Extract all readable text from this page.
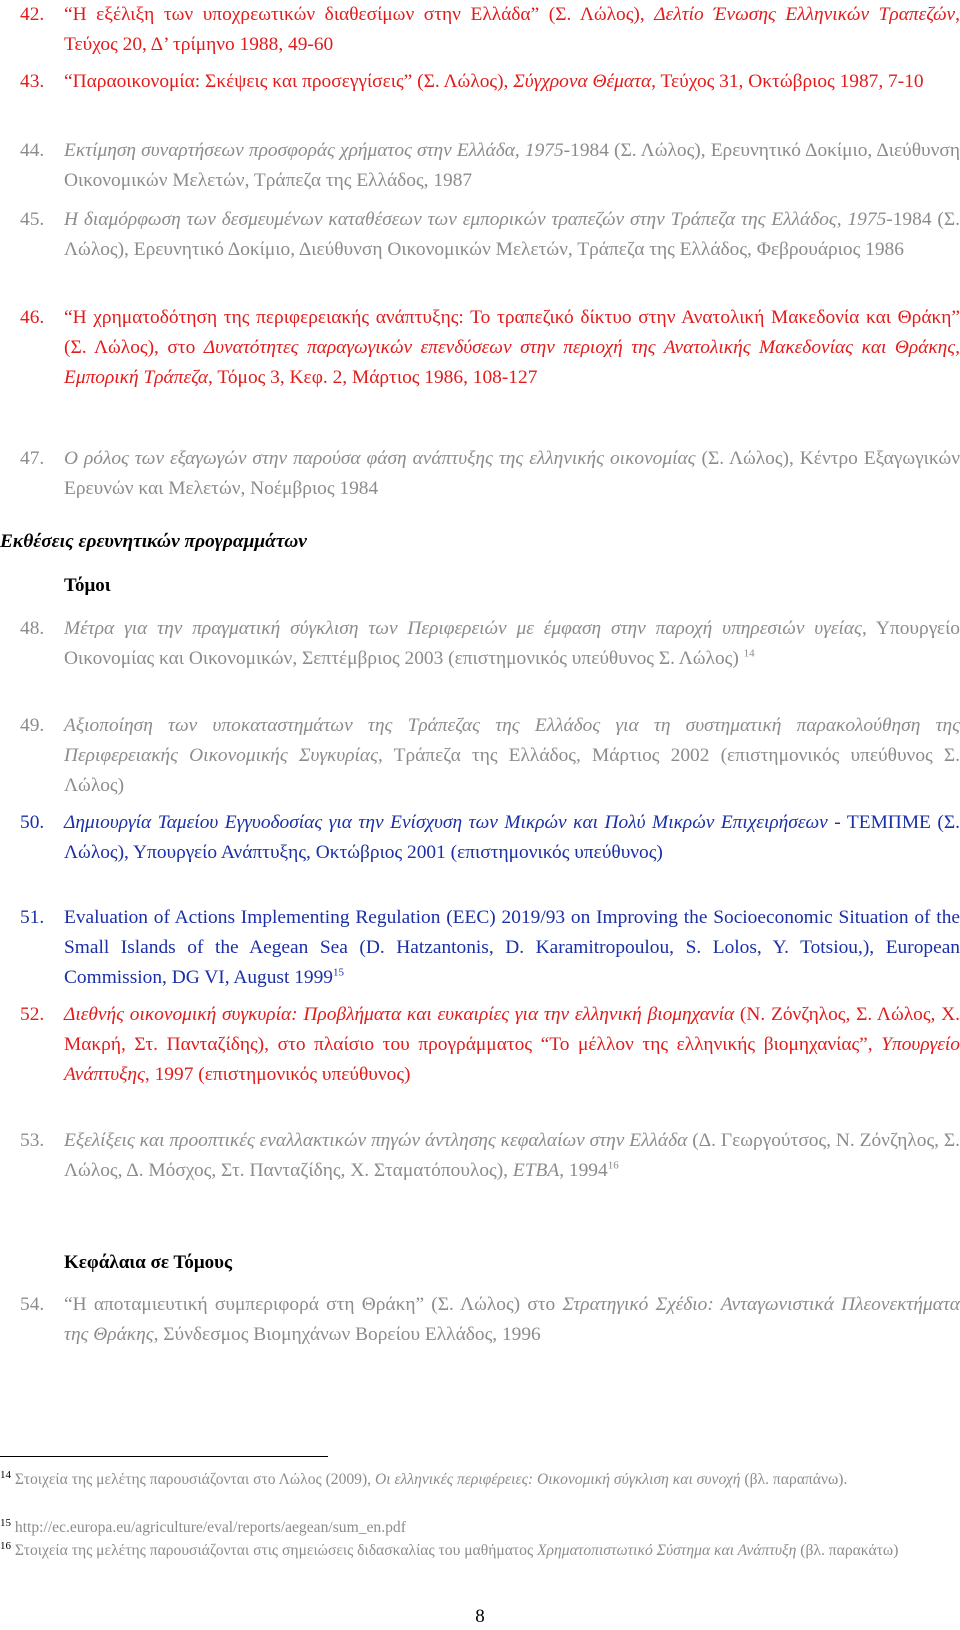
42.	“Η εξέλιξη των υποχρεωτικών διαθεσίμων στην Ελλάδα” (Σ. Λώλος), Δελτίο Ένωσης Ελληνικών Τραπεζών, Τεύχος 20, Δ’ τρίμηνο 1988, 49-60
43.	“Παραοικονομία: Σκέψεις και προσεγγίσεις” (Σ. Λώλος), Σύγχρονα Θέματα, Τεύχος 31, Οκτώβριος 1987, 7-10
44.	Εκτίμηση συναρτήσεων προσφοράς χρήματος στην Ελλάδα, 1975-1984 (Σ. Λώλος), Ερευνητικό Δοκίμιο, Διεύθυνση Οικονομικών Μελετών, Τράπεζα της Ελλάδος, 1987
45.	Η διαμόρφωση των δεσμευμένων καταθέσεων των εμπορικών τραπεζών στην Τράπεζα της Ελλάδος, 1975-1984 (Σ. Λώλος), Ερευνητικό Δοκίμιο, Διεύθυνση Οικονομικών Μελετών, Τράπεζα της Ελλάδος, Φεβρουάριος 1986
46.	“Η χρηματοδότηση της περιφερειακής ανάπτυξης: Το τραπεζικό δίκτυο στην Ανατολική Μακεδονία και Θράκη” (Σ. Λώλος), στο Δυνατότητες παραγωγικών επενδύσεων στην περιοχή της Ανατολικής Μακεδονίας και Θράκης, Εμπορική Τράπεζα, Τόμος 3, Κεφ. 2, Μάρτιος 1986, 108-127
47.	Ο ρόλος των εξαγωγών στην παρούσα φάση ανάπτυξης της ελληνικής οικονομίας (Σ. Λώλος), Κέντρο Εξαγωγικών Ερευνών και Μελετών, Νοέμβριος 1984
Εκθέσεις ερευνητικών προγραμμάτων
Τόμοι
48.	Μέτρα για την πραγματική σύγκλιση των Περιφερειών με έμφαση στην παροχή υπηρεσιών υγείας, Υπουργείο Οικονομίας και Οικονομικών, Σεπτέμβριος 2003 (επιστημονικός υπεύθυνος Σ. Λώλος) $^{14}$
49.	Αξιοποίηση των υποκαταστημάτων της Τράπεζας της Ελλάδος για τη συστηματική παρακολούθηση της Περιφερειακής Οικονομικής Συγκυρίας, Τράπεζα της Ελλάδος, Μάρτιος 2002 (επιστημονικός υπεύθυνος Σ. Λώλος)
50.	Δημιουργία Ταμείου Εγγυοδοσίας για την Ενίσχυση των Μικρών και Πολύ Μικρών Επιχειρήσεων - ΤΕΜΠΜΕ (Σ. Λώλος), Υπουργείο Ανάπτυξης, Οκτώβριος 2001 (επιστημονικός υπεύθυνος)
51.	Evaluation of Actions Implementing Regulation (EEC) 2019/93 on Improving the Socioeconomic Situation of the Small Islands of the Aegean Sea (D. Hatzantonis, D. Karamitropoulou, S. Lolos, Y. Totsiou,), European Commission, DG VI, August 1999$^{15}$
52.	Διεθνής οικονομική συγκυρία: Προβλήματα και ευκαιρίες για την ελληνική βιομηχανία (Ν. Ζόνζηλος, Σ. Λώλος, Χ. Μακρή, Στ. Πανταζίδης), στο πλαίσιο του προγράμματος “Το μέλλον της ελληνικής βιομηχανίας”, Υπουργείο Ανάπτυξης, 1997 (επιστημονικός υπεύθυνος)
53.	Εξελίξεις και προοπτικές εναλλακτικών πηγών άντλησης κεφαλαίων στην Ελλάδα (Δ. Γεωργούτσος, Ν. Ζόνζηλος, Σ. Λώλος, Δ. Μόσχος, Στ. Πανταζίδης, Χ. Σταματόπουλος), ΕΤΒΑ, 1994$^{16}$
Κεφάλαια σε Τόμους
54.	“Η αποταμιευτική συμπεριφορά στη Θράκη” (Σ. Λώλος) στο Στρατηγικό Σχέδιο: Ανταγωνιστικά Πλεονεκτήματα της Θράκης, Σύνδεσμος Βιομηχάνων Βορείου Ελλάδος, 1996
$^{14}$ Στοιχεία της μελέτης παρουσιάζονται στο Λώλος (2009), Οι ελληνικές περιφέρειες: Οικονομική σύγκλιση και συνοχή (βλ. παραπάνω).
$^{15}$ http://ec.europa.eu/agriculture/eval/reports/aegean/sum_en.pdf
$^{16}$ Στοιχεία της μελέτης παρουσιάζονται στις σημειώσεις διδασκαλίας του μαθήματος Χρηματοπιστωτικό Σύστημα και Ανάπτυξη (βλ. παρακάτω)
8
